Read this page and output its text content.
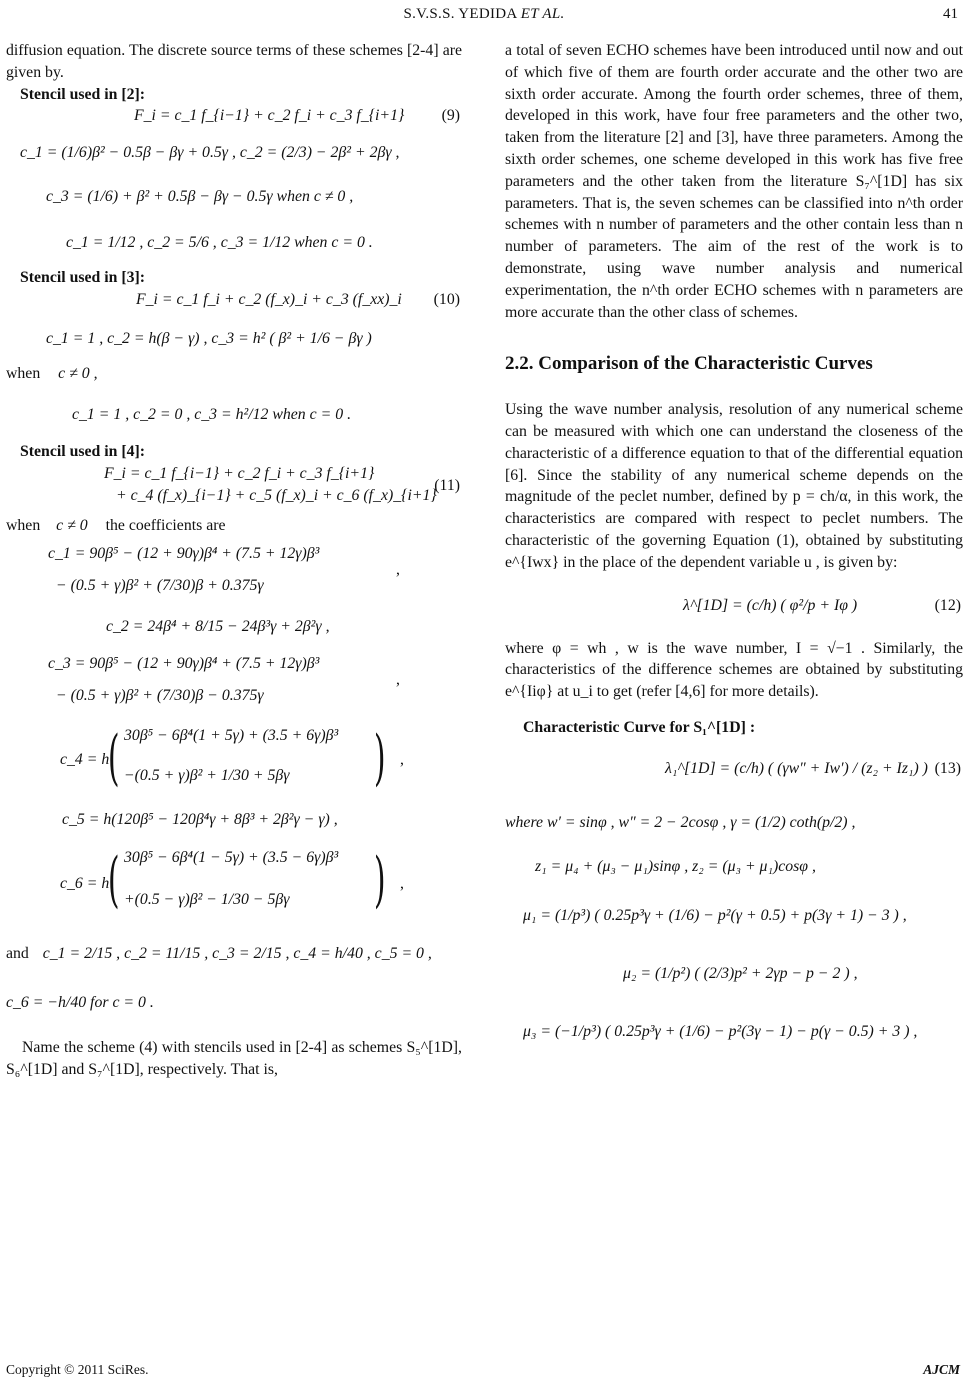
S.V.S.S. YEDIDA ET AL.	41

diffusion equation. The discrete source terms of these schemes [2-4] are given by.

Stencil used in [2]:

F_i = c_1 f_{i−1} + c_2 f_i + c_3 f_{i+1} (9)
c_1 = (1/6)β² − 0.5β − βγ + 0.5γ , c_2 = (2/3) − 2β² + 2βγ ,
c_3 = (1/6) + β² + 0.5β − βγ − 0.5γ when c ≠ 0 ,
c_1 = 1/12 , c_2 = 5/6 , c_3 = 1/12 when c = 0 .

Stencil used in [3]:

F_i = c_1 f_i + c_2 (f_x)_i + c_3 (f_xx)_i (10)
c_1 = 1 , c_2 = h(β − γ) , c_3 = h² ( β² + 1/6 − βγ )
when c ≠ 0 ,
c_1 = 1 , c_2 = 0 , c_3 = h²/12 when c = 0 .

Stencil used in [4]:

F_i = c_1 f_{i−1} + c_2 f_i + c_3 f_{i+1}
+ c_4 (f_x)_{i−1} + c_5 (f_x)_i + c_6 (f_x)_{i+1}
(11)
when c ≠ 0 the coefficients are
c_1 = 90β⁵ − (12 + 90γ)β⁴ + (7.5 + 12γ)β³
− (0.5 + γ)β² + (7/30)β + 0.375γ
,
c_2 = 24β⁴ + 8/15 − 24β³γ + 2β²γ ,
c_3 = 90β⁵ − (12 + 90γ)β⁴ + (7.5 + 12γ)β³
− (0.5 + γ)β² + (7/30)β − 0.375γ
,
c_4 = h
( 30β⁵ − 6β⁴(1 + 5γ) + (3.5 + 6γ)β³
−(0.5 + γ)β² + 1/30 + 5βγ ) ,
c_5 = h(120β⁵ − 120β⁴γ + 8β³ + 2β²γ − γ) ,
c_6 = h
( 30β⁵ − 6β⁴(1 − 5γ) + (3.5 − 6γ)β³
+(0.5 − γ)β² − 1/30 − 5βγ ) ,
and c_1 = 2/15 , c_2 = 11/15 , c_3 = 2/15 , c_4 = h/40 , c_5 = 0 ,
c_6 = −h/40 for c = 0 .

Name the scheme (4) with stencils used in [2-4] as schemes S₅^[1D], S₆^[1D] and S₇^[1D], respectively. That is,

a total of seven ECHO schemes have been introduced until now and out of which five of them are fourth order accurate and the other two are sixth order accurate. Among the fourth order schemes, three of them, developed in this work, have four free parameters and the other two, taken from the literature [2] and [3], have three parameters. Among the sixth order schemes, one scheme developed in this work has five free parameters and the other taken from the literature S₇^[1D] has six parameters. That is, the seven schemes can be classified into n^th order schemes with n number of parameters and the other contain less than n number of parameters. The aim of the rest of the work is to demonstrate, using wave number analysis and numerical experimentation, the n^th order ECHO schemes with n parameters are more accurate than the other class of schemes.

2.2. Comparison of the Characteristic Curves

Using the wave number analysis, resolution of any numerical scheme can be measured with which one can understand the closeness of the characteristic of a difference equation to that of the differential equation [6]. Since the stability of any numerical scheme depends on the magnitude of the peclet number, defined by p = ch/α, in this work, the characteristics are compared with respect to peclet numbers. The characteristic of the governing Equation (1), obtained by substituting e^{Iwx} in the place of the dependent variable u , is given by:

λ^[1D] = (c/h) ( φ²/p + Iφ )	(12)

where φ = wh , w is the wave number, I = √−1 . Similarly, the characteristics of the difference schemes are obtained by substituting e^{Iiφ} at u_i to get (refer [4,6] for more details).

Characteristic Curve for S₁^[1D] :

λ₁^[1D] = (c/h) ( (γw″ + Iw′) / (z₂ + Iz₁) ) (13)
where w′ = sinφ , w″ = 2 − 2cosφ , γ = (1/2) coth(p/2) ,
z₁ = μ₄ + (μ₃ − μ₁)sinφ , z₂ = (μ₃ + μ₁)cosφ ,
μ₁ = (1/p³) ( 0.25p³γ + (1/6) − p²(γ + 0.5) + p(3γ + 1) − 3 ) ,
μ₂ = (1/p²) ( (2/3)p² + 2γp − p − 2 ) ,
μ₃ = (−1/p³) ( 0.25p³γ + (1/6) − p²(3γ − 1) − p(γ − 0.5) + 3 ) ,
Copyright © 2011 SciRes.	AJCM
